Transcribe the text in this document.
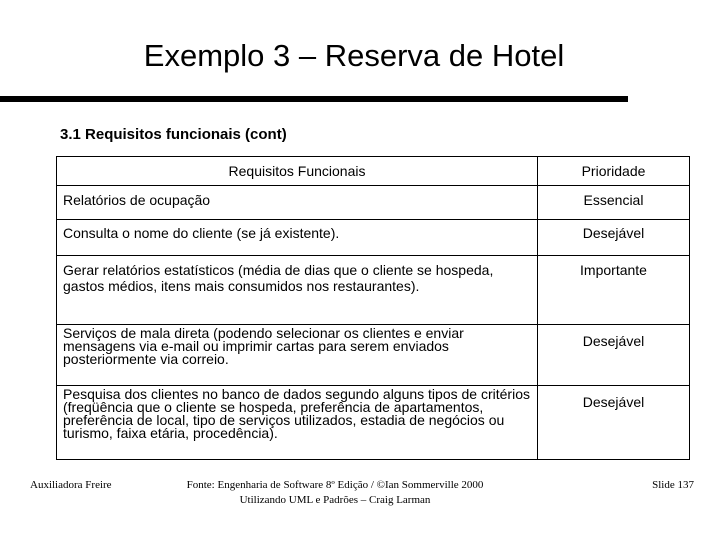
Exemplo 3 – Reserva de Hotel
3.1 Requisitos funcionais (cont)
Requisitos Funcionais	Prioridade
Relatórios de ocupação	Essencial
Consulta o nome do cliente (se já existente).	Desejável
Gerar relatórios estatísticos (média de dias que o cliente se hospeda, gastos médios, itens mais consumidos nos restaurantes).	Importante
Serviços de mala direta (podendo selecionar os clientes e enviar mensagens via e-mail ou imprimir cartas para serem enviados posteriormente via correio.	Desejável
Pesquisa dos clientes no banco de dados segundo alguns tipos de critérios (freqüência que o cliente se hospeda, preferência de apartamentos, preferência de local, tipo de serviços utilizados, estadia de negócios ou turismo, faixa etária, procedência).	Desejável
Auxiliadora Freire	Fonte: Engenharia de Software 8º Edição / ©Ian Sommerville 2000
Utilizando UML e Padrões – Craig Larman
Slide 137
